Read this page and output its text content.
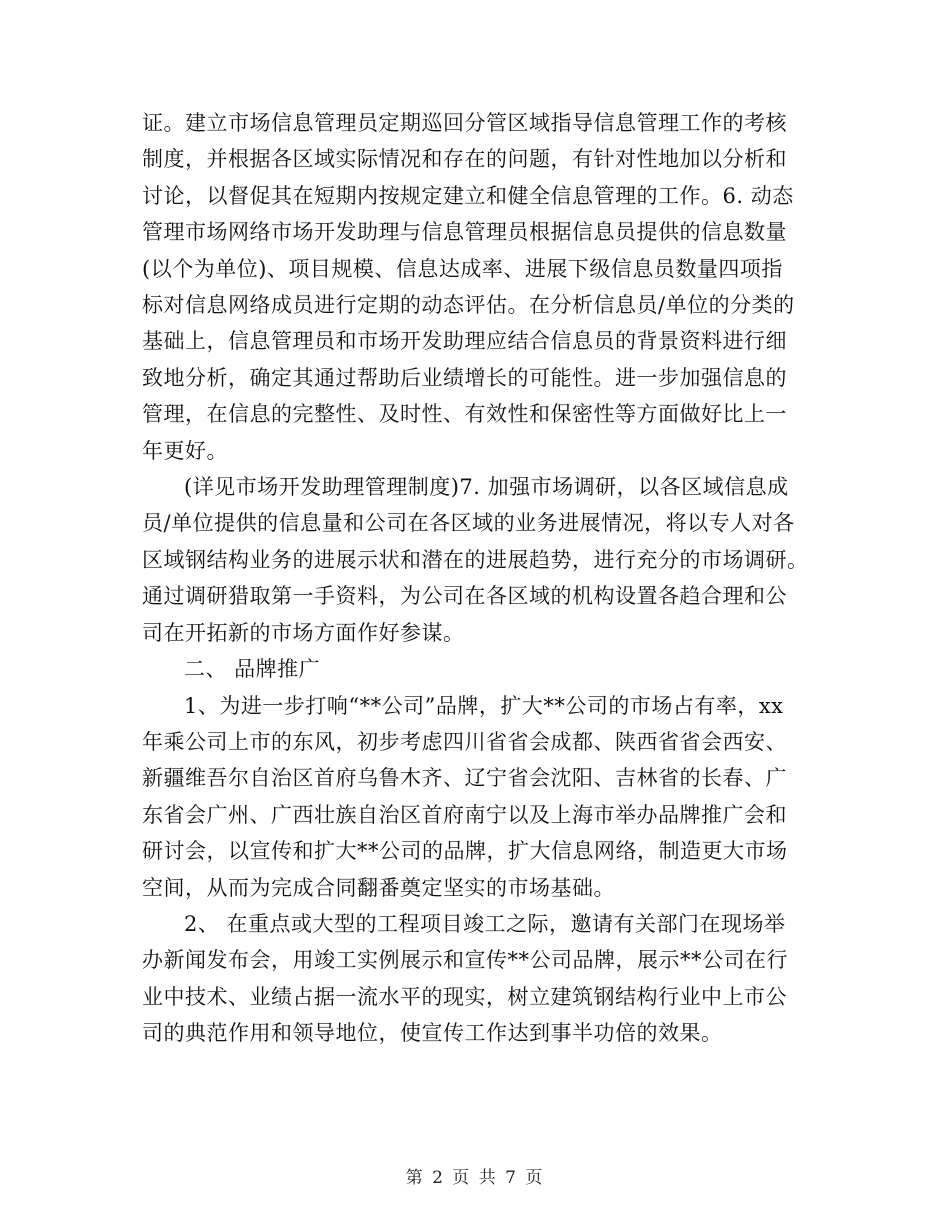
证。建立市场信息管理员定期巡回分管区域指导信息管理工作的考核
制度，并根据各区域实际情况和存在的问题，有针对性地加以分析和
讨论，以督促其在短期内按规定建立和健全信息管理的工作。6. 动态
管理市场网络市场开发助理与信息管理员根据信息员提供的信息数量
(以个为单位)、项目规模、信息达成率、进展下级信息员数量四项指
标对信息网络成员进行定期的动态评估。在分析信息员/单位的分类的
基础上，信息管理员和市场开发助理应结合信息员的背景资料进行细
致地分析，确定其通过帮助后业绩增长的可能性。进一步加强信息的
管理，在信息的完整性、及时性、有效性和保密性等方面做好比上一
年更好。

(详见市场开发助理管理制度)7. 加强市场调研，以各区域信息成
员/单位提供的信息量和公司在各区域的业务进展情况，将以专人对各
区域钢结构业务的进展示状和潜在的进展趋势，进行充分的市场调研。
通过调研猎取第一手资料，为公司在各区域的机构设置各趋合理和公
司在开拓新的市场方面作好参谋。

二、 品牌推广

1、为进一步打响“**公司”品牌，扩大**公司的市场占有率，xx
年乘公司上市的东风，初步考虑四川省省会成都、陕西省省会西安、
新疆维吾尔自治区首府乌鲁木齐、辽宁省会沈阳、吉林省的长春、广
东省会广州、广西壮族自治区首府南宁以及上海市举办品牌推广会和
研讨会，以宣传和扩大**公司的品牌，扩大信息网络，制造更大市场
空间，从而为完成合同翻番奠定坚实的市场基础。

2、 在重点或大型的工程项目竣工之际，邀请有关部门在现场举
办新闻发布会，用竣工实例展示和宣传**公司品牌，展示**公司在行
业中技术、业绩占据一流水平的现实，树立建筑钢结构行业中上市公
司的典范作用和领导地位，使宣传工作达到事半功倍的效果。

第 2 页 共 7 页
